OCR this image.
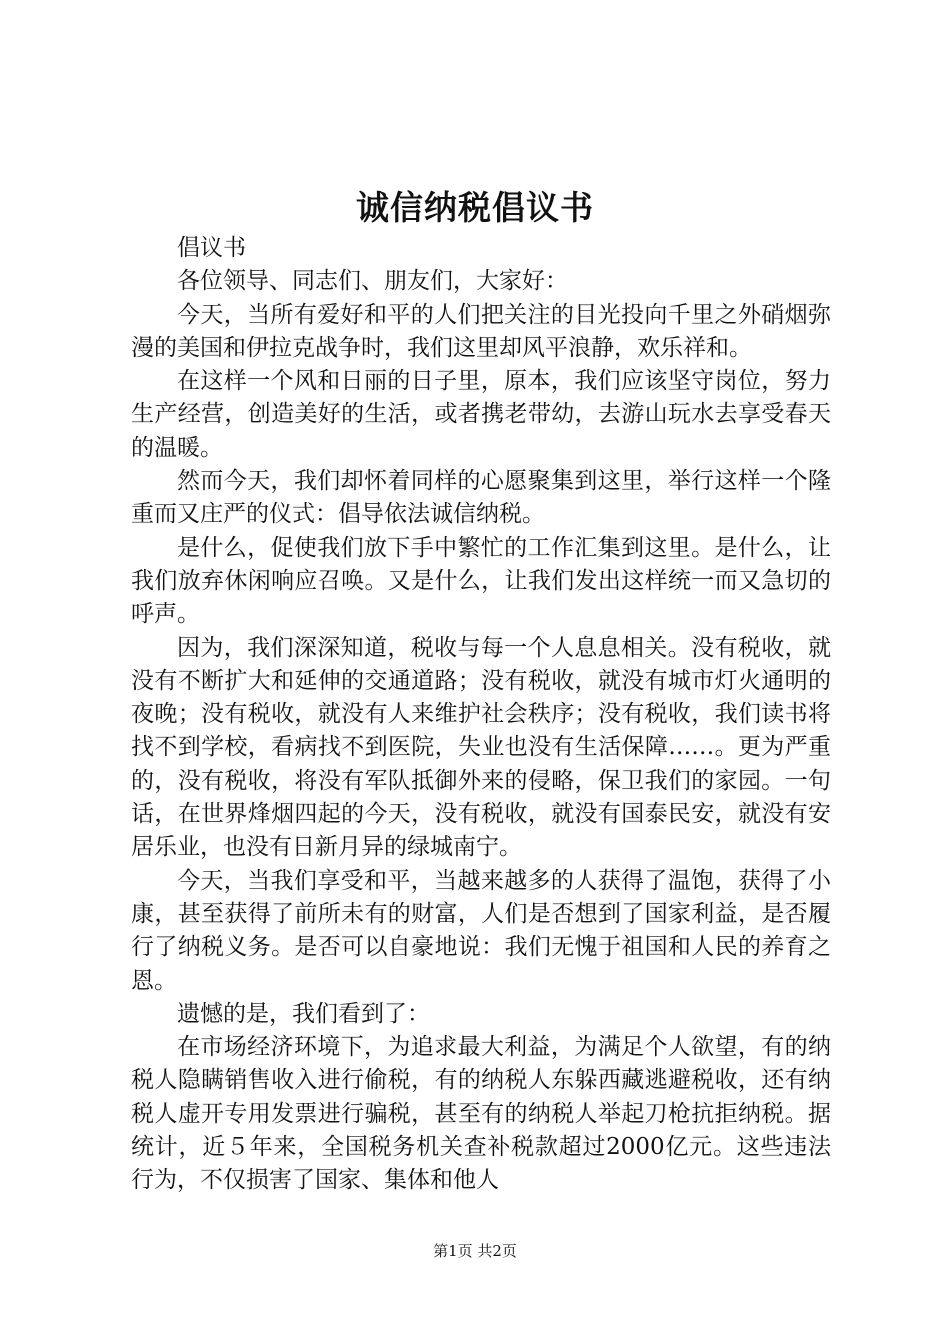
诚信纳税倡议书

倡议书

各位领导、同志们、朋友们，大家好：

今天，当所有爱好和平的人们把关注的目光投向千里之外硝烟弥漫的美国和伊拉克战争时，我们这里却风平浪静，欢乐祥和。

在这样一个风和日丽的日子里，原本，我们应该坚守岗位，努力生产经营，创造美好的生活，或者携老带幼，去游山玩水去享受春天的温暖。

然而今天，我们却怀着同样的心愿聚集到这里，举行这样一个隆重而又庄严的仪式：倡导依法诚信纳税。

是什么，促使我们放下手中繁忙的工作汇集到这里。是什么，让我们放弃休闲响应召唤。又是什么，让我们发出这样统一而又急切的呼声。

因为，我们深深知道，税收与每一个人息息相关。没有税收，就没有不断扩大和延伸的交通道路；没有税收，就没有城市灯火通明的夜晚；没有税收，就没有人来维护社会秩序；没有税收，我们读书将找不到学校，看病找不到医院，失业也没有生活保障……。更为严重的，没有税收，将没有军队抵御外来的侵略，保卫我们的家园。一句话，在世界烽烟四起的今天，没有税收，就没有国泰民安，就没有安居乐业，也没有日新月异的绿城南宁。

今天，当我们享受和平，当越来越多的人获得了温饱，获得了小康，甚至获得了前所未有的财富，人们是否想到了国家利益，是否履行了纳税义务。是否可以自豪地说：我们无愧于祖国和人民的养育之恩。

遗憾的是，我们看到了：

在市场经济环境下，为追求最大利益，为满足个人欲望，有的纳税人隐瞒销售收入进行偷税，有的纳税人东躲西藏逃避税收，还有纳税人虚开专用发票进行骗税，甚至有的纳税人举起刀枪抗拒纳税。据统计，近５年来，全国税务机关查补税款超过2000亿元。这些违法行为，不仅损害了国家、集体和他人

第1页 共2页
